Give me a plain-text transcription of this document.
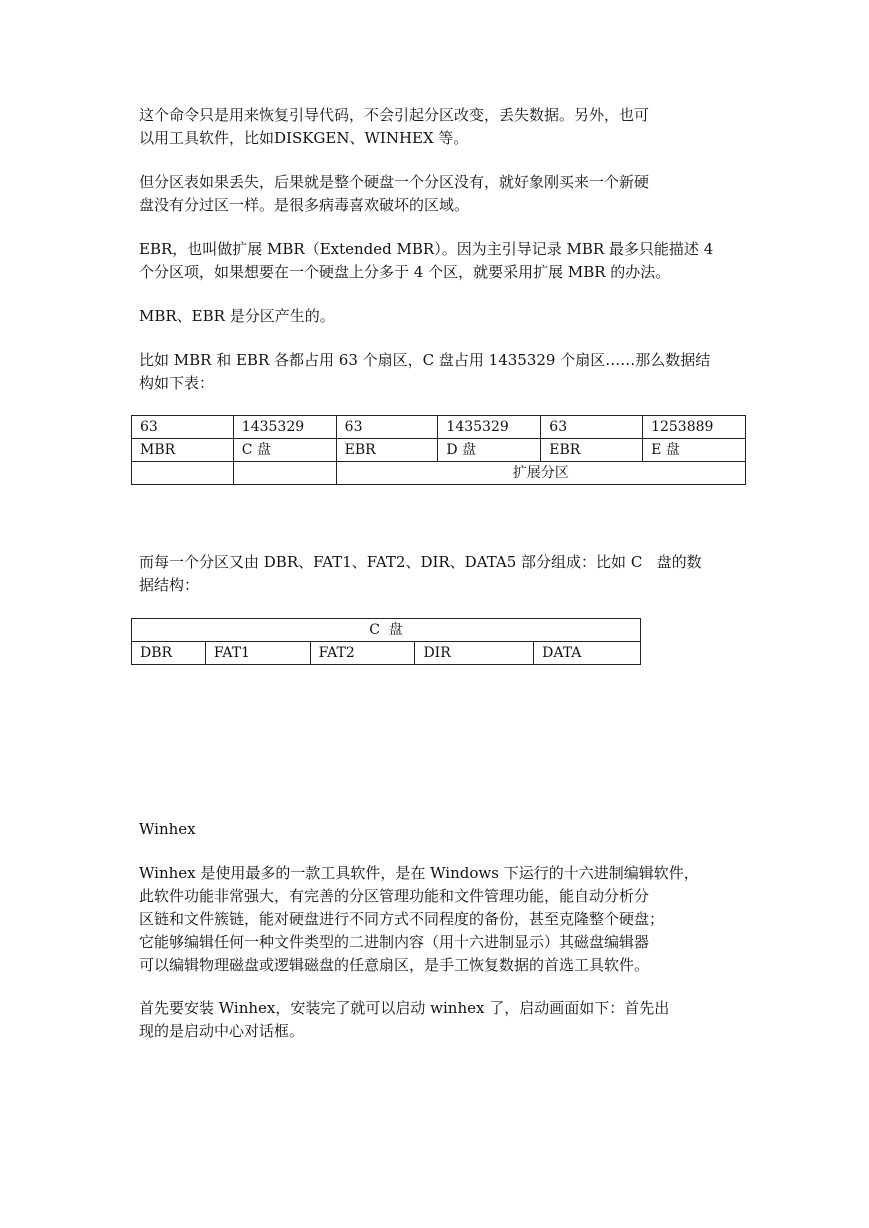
这个命令只是用来恢复引导代码，不会引起分区改变，丢失数据。另外，也可
以用工具软件，比如DISKGEN、WINHEX 等。

但分区表如果丢失，后果就是整个硬盘一个分区没有，就好象刚买来一个新硬
盘没有分过区一样。是很多病毒喜欢破坏的区域。

EBR，也叫做扩展 MBR（Extended MBR）。因为主引导记录 MBR 最多只能描述 4
个分区项，如果想要在一个硬盘上分多于 4 个区，就要采用扩展 MBR 的办法。

MBR、EBR 是分区产生的。

比如 MBR 和 EBR 各都占用 63 个扇区，C 盘占用 1435329 个扇区……那么数据结
构如下表：

63	1435329	63	1435329	63	1253889
MBR	C 盘	EBR	D 盘	EBR	E 盘
		扩展分区			

而每一个分区又由 DBR、FAT1、FAT2、DIR、DATA5 部分组成：比如 C   盘的数
据结构：

C  盘
DBR	FAT1	FAT2	DIR	DATA

Winhex

Winhex 是使用最多的一款工具软件，是在 Windows 下运行的十六进制编辑软件，
此软件功能非常强大，有完善的分区管理功能和文件管理功能，能自动分析分
区链和文件簇链，能对硬盘进行不同方式不同程度的备份，甚至克隆整个硬盘；
它能够编辑任何一种文件类型的二进制内容（用十六进制显示）其磁盘编辑器
可以编辑物理磁盘或逻辑磁盘的任意扇区，是手工恢复数据的首选工具软件。

首先要安装 Winhex，安装完了就可以启动 winhex 了，启动画面如下：首先出
现的是启动中心对话框。
